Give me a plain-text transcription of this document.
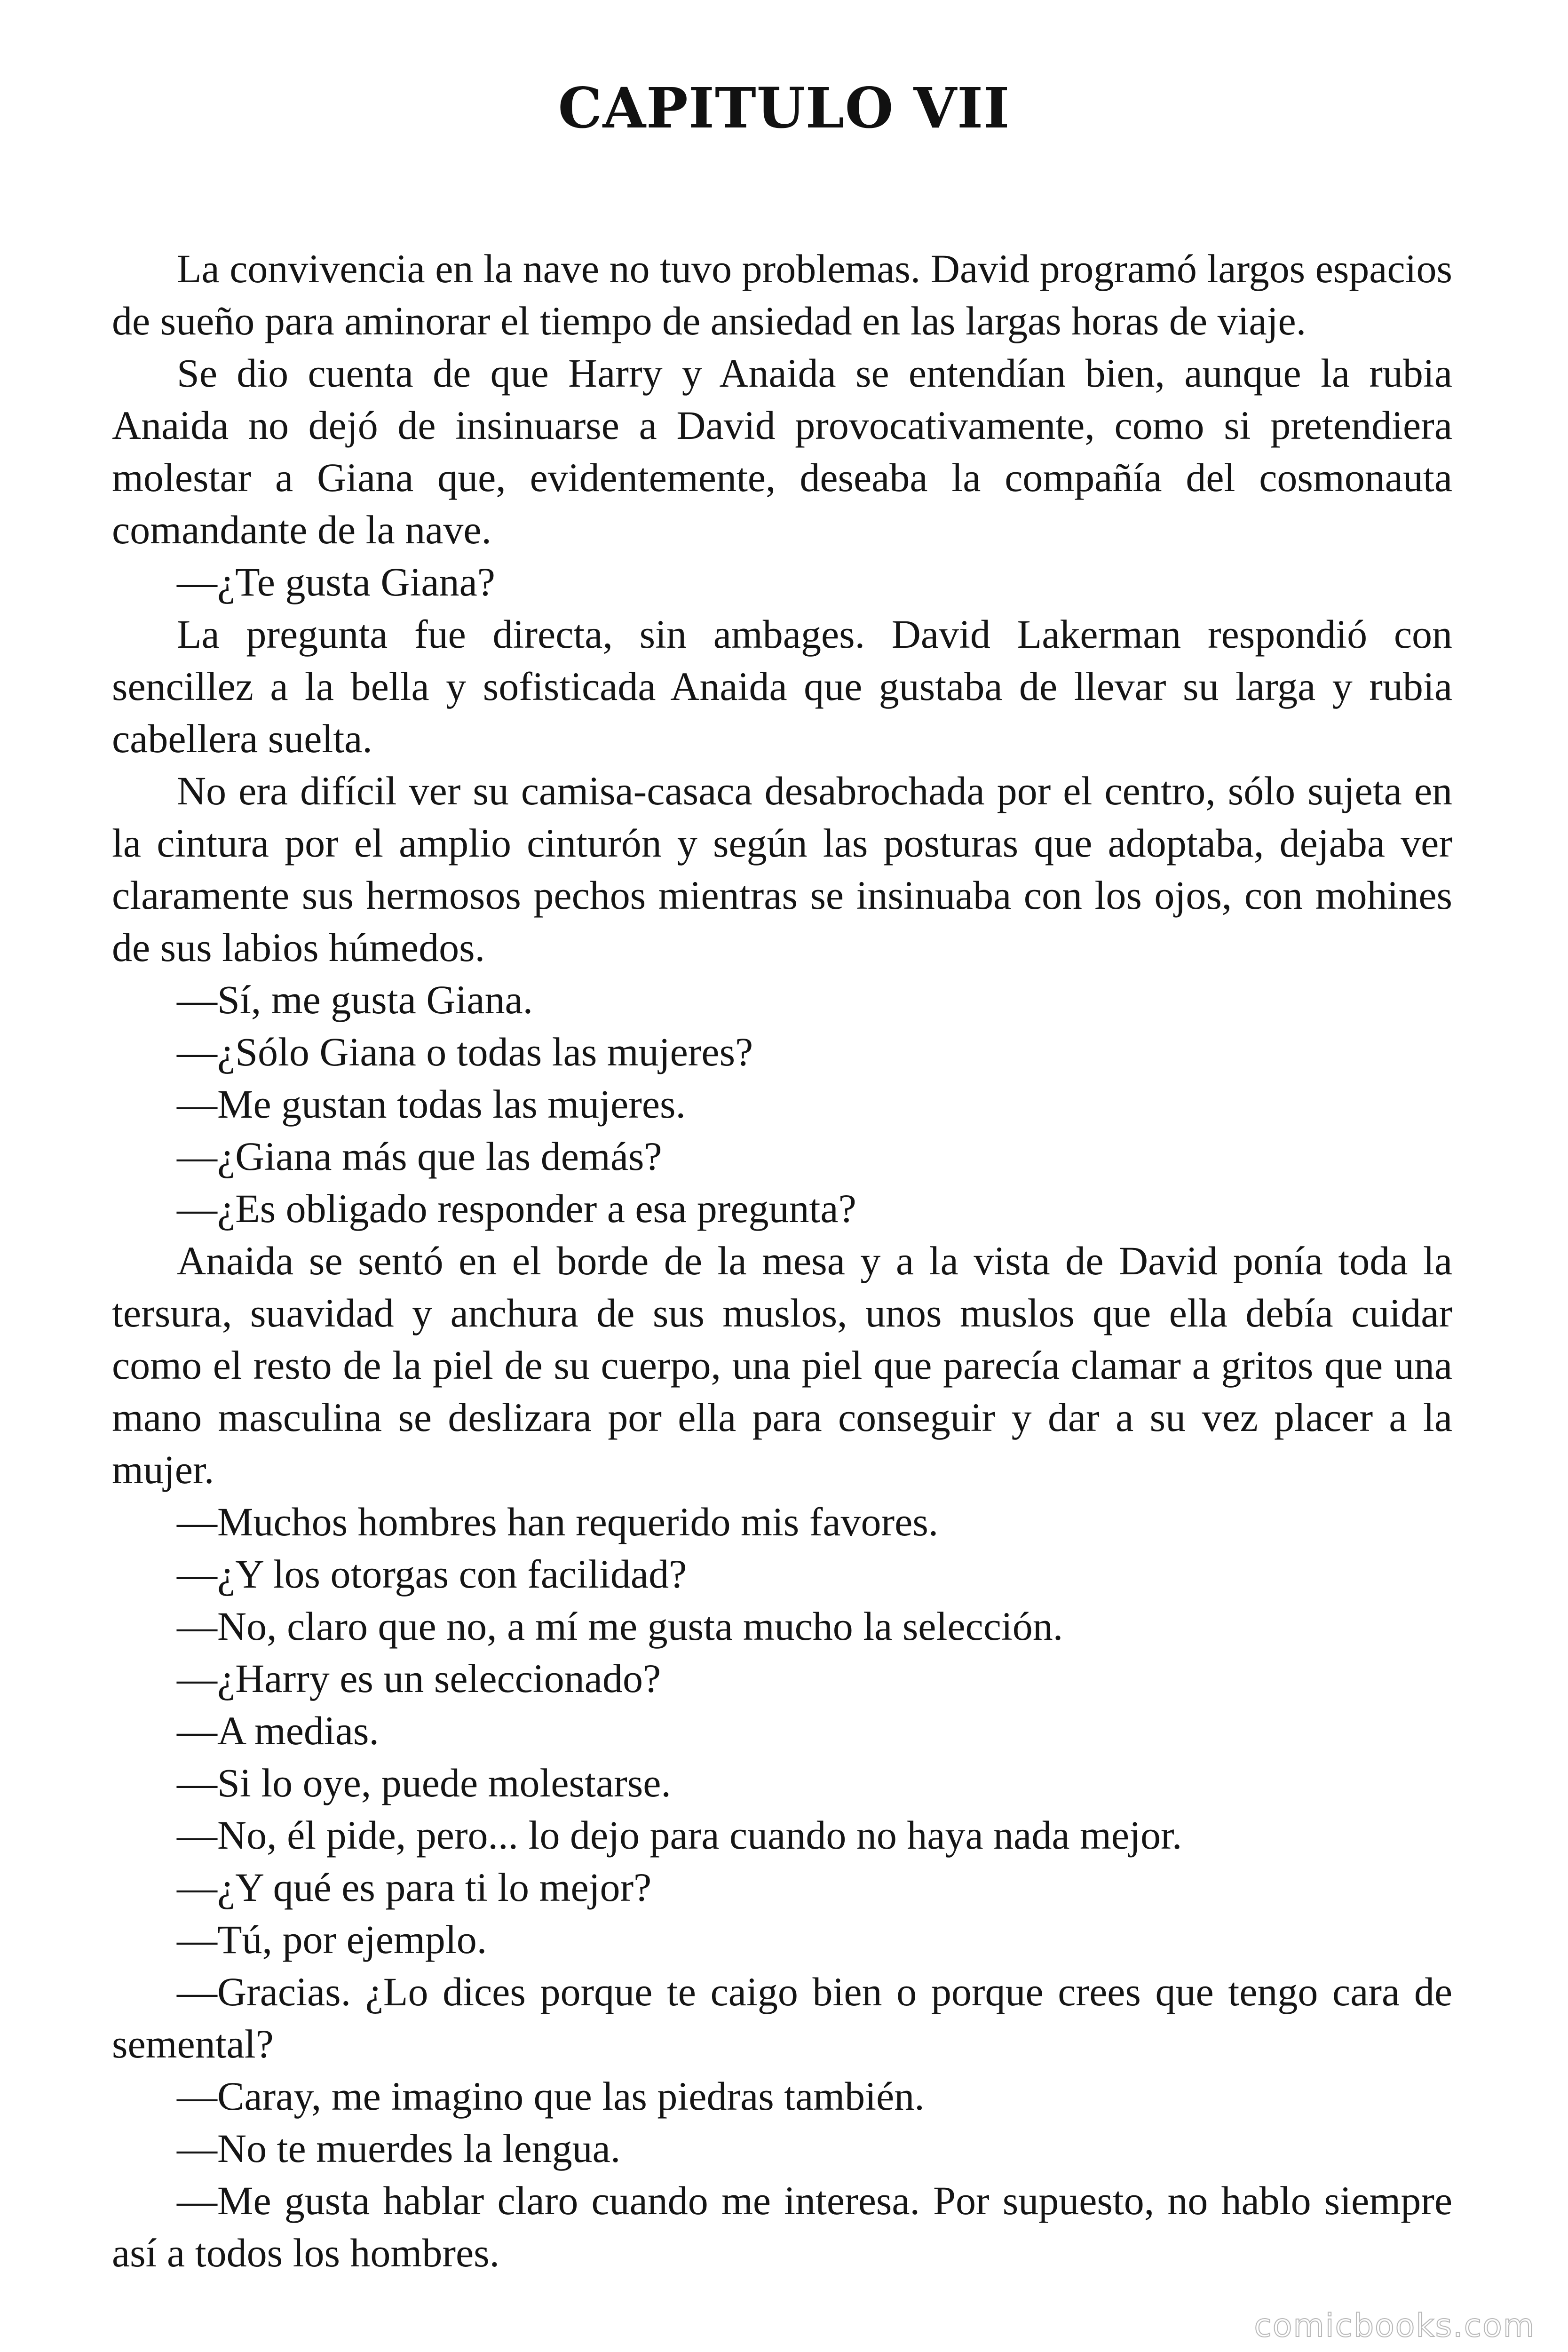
CAPITULO VII

La convivencia en la nave no tuvo problemas. David programó largos espacios de sueño para aminorar el tiempo de ansiedad en las largas horas de viaje.

Se dio cuenta de que Harry y Anaida se entendían bien, aunque la rubia Anaida no dejó de insinuarse a David provocativamente, como si pretendiera molestar a Giana que, evidentemente, deseaba la compañía del cosmonauta comandante de la nave.

—¿Te gusta Giana?

La pregunta fue directa, sin ambages. David Lakerman respondió con sencillez a la bella y sofisticada Anaida que gustaba de llevar su larga y rubia cabellera suelta.

No era difícil ver su camisa-casaca desabrochada por el centro, sólo sujeta en la cintura por el amplio cinturón y según las posturas que adoptaba, dejaba ver claramente sus hermosos pechos mientras se insinuaba con los ojos, con mohines de sus labios húmedos.

—Sí, me gusta Giana.

—¿Sólo Giana o todas las mujeres?

—Me gustan todas las mujeres.

—¿Giana más que las demás?

—¿Es obligado responder a esa pregunta?

Anaida se sentó en el borde de la mesa y a la vista de David ponía toda la tersura, suavidad y anchura de sus muslos, unos muslos que ella debía cuidar como el resto de la piel de su cuerpo, una piel que parecía clamar a gritos que una mano masculina se deslizara por ella para conseguir y dar a su vez placer a la mujer.

—Muchos hombres han requerido mis favores.

—¿Y los otorgas con facilidad?

—No, claro que no, a mí me gusta mucho la selección.

—¿Harry es un seleccionado?

—A medias.

—Si lo oye, puede molestarse.

—No, él pide, pero... lo dejo para cuando no haya nada mejor.

—¿Y qué es para ti lo mejor?

—Tú, por ejemplo.

—Gracias. ¿Lo dices porque te caigo bien o porque crees que tengo cara de semental?

—Caray, me imagino que las piedras también.

—No te muerdes la lengua.

—Me gusta hablar claro cuando me interesa. Por supuesto, no hablo siempre así a todos los hombres.

comicbooks.com
